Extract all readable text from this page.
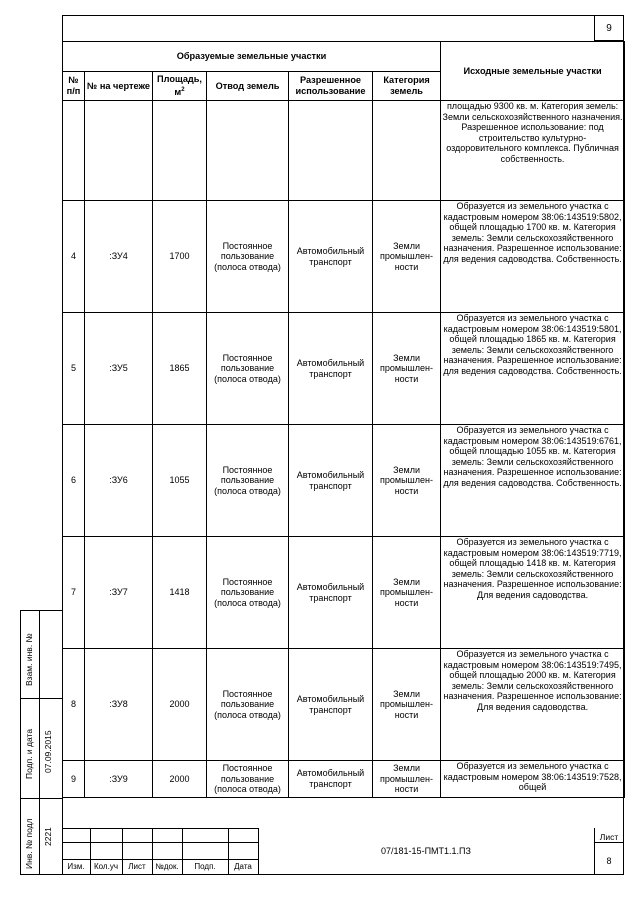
9
Образуемые земельные участки						Исходные земельные участки
№ п/п	№ на чертеже	Площадь, $м^2$	Отвод земель	Разрешенное использование	Категория земель	
						площадью 9300 кв. м. Категория земель: Земли сельскохозяйственного назначения. Разрешенное использование: под строительство культурно-оздоровительного комплекса. Публичная собственность.
4	:ЗУ4	1700	Постоянное пользование (полоса отвода)	Автомобильный транспорт	Земли промышлен-ности	Образуется из земельного участка с кадастровым номером 38:06:143519:5802, общей площадью 1700 кв. м. Категория земель: Земли сельскохозяйственного назначения. Разрешенное использование: для ведения садоводства. Собственность.
5	:ЗУ5	1865	Постоянное пользование (полоса отвода)	Автомобильный транспорт	Земли промышлен-ности	Образуется из земельного участка с кадастровым номером 38:06:143519:5801, общей площадью 1865 кв. м. Категория земель: Земли сельскохозяйственного назначения. Разрешенное использование: для ведения садоводства. Собственность.
6	:ЗУ6	1055	Постоянное пользование (полоса отвода)	Автомобильный транспорт	Земли промышлен-ности	Образуется из земельного участка с кадастровым номером 38:06:143519:6761, общей площадью 1055 кв. м. Категория земель: Земли сельскохозяйственного назначения. Разрешенное использование: для ведения садоводства. Собственность.
7	:ЗУ7	1418	Постоянное пользование (полоса отвода)	Автомобильный транспорт	Земли промышлен-ности	Образуется из земельного участка с кадастровым номером 38:06:143519:7719, общей площадью 1418 кв. м. Категория земель: Земли сельскохозяйственного назначения. Разрешенное использование: Для ведения садоводства.
8	:ЗУ8	2000	Постоянное пользование (полоса отвода)	Автомобильный транспорт	Земли промышлен-ности	Образуется из земельного участка с кадастровым номером 38:06:143519:7495, общей площадью 2000 кв. м. Категория земель: Земли сельскохозяйственного назначения. Разрешенное использование: Для ведения садоводства.
9	:ЗУ9	2000	Постоянное пользование (полоса отвода)	Автомобильный транспорт	Земли промышлен-ности	Образуется из земельного участка с кадастровым номером 38:06:143519:7528, общей
Изм.	Кол.уч	Лист	№док.	Подп.	Дата
07/181-15-ПМТ1.1.ПЗ
Лист
8
Взам. инв. №
Подп. и дата 07.09.2015
Инв. № подл 2221
